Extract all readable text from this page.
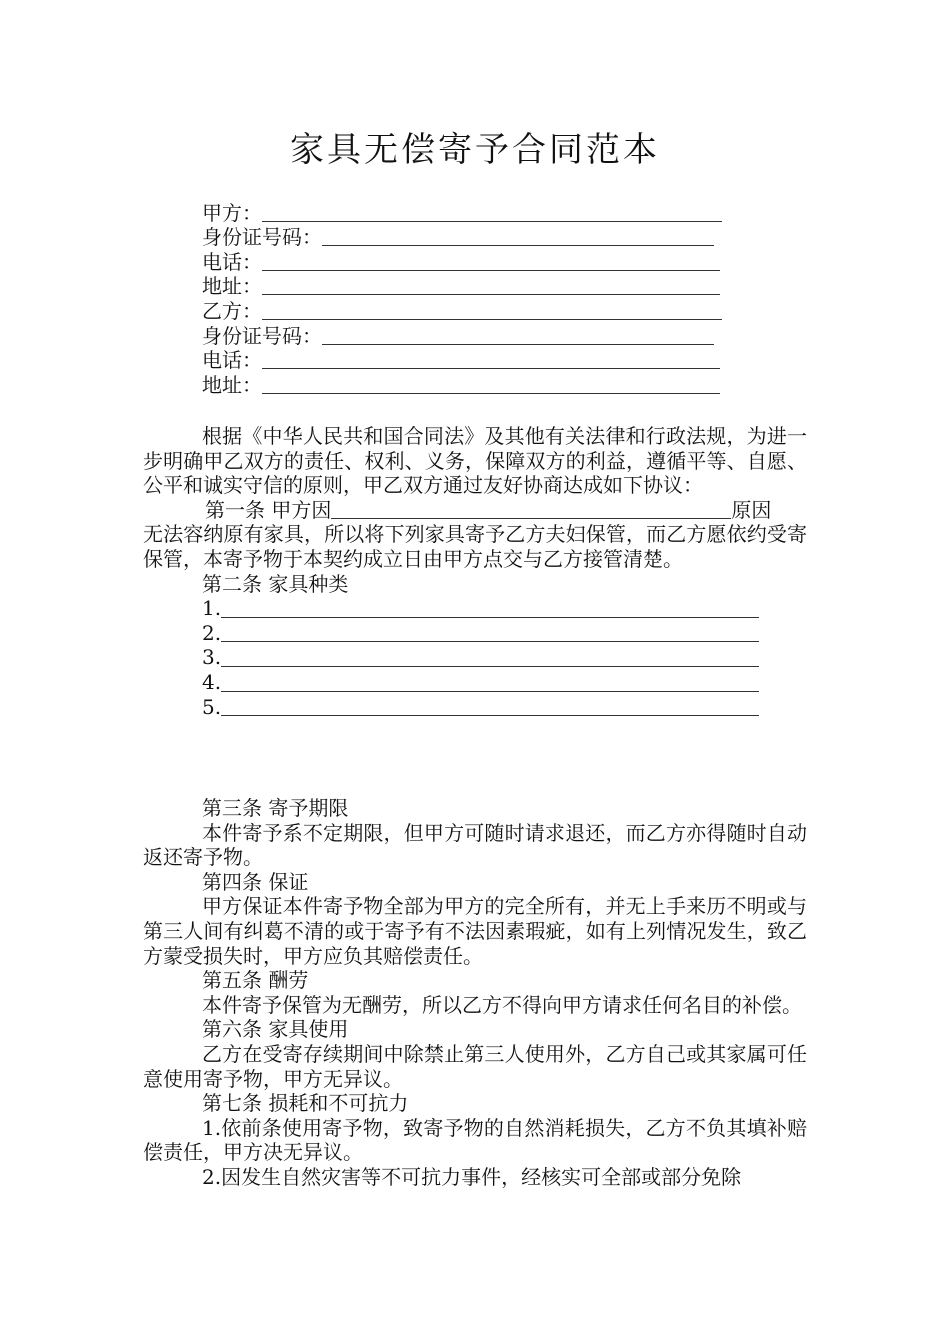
家具无偿寄予合同范本
甲方：
身份证号码：
电话：
地址：
乙方：
身份证号码：
电话：
地址：

根据《中华人民共和国合同法》及其他有关法律和行政法规，为进一步明确甲乙双方的责任、权利、义务，保障双方的利益，遵循平等、自愿、公平和诚实守信的原则，甲乙双方通过友好协商达成如下协议：

第一条 甲方因	原因

无法容纳原有家具，所以将下列家具寄予乙方夫妇保管，而乙方愿依约受寄保管，本寄予物于本契约成立日由甲方点交与乙方接管清楚。

第二条 家具种类

1.
2.
3.
4.
5.

第三条 寄予期限

本件寄予系不定期限，但甲方可随时请求退还，而乙方亦得随时自动返还寄予物。

第四条 保证

甲方保证本件寄予物全部为甲方的完全所有，并无上手来历不明或与第三人间有纠葛不清的或于寄予有不法因素瑕疵，如有上列情况发生，致乙方蒙受损失时，甲方应负其赔偿责任。

第五条 酬劳

本件寄予保管为无酬劳，所以乙方不得向甲方请求任何名目的补偿。

第六条 家具使用

乙方在受寄存续期间中除禁止第三人使用外，乙方自己或其家属可任意使用寄予物，甲方无异议。

第七条 损耗和不可抗力

1.依前条使用寄予物，致寄予物的自然消耗损失，乙方不负其填补赔偿责任，甲方决无异议。

2.因发生自然灾害等不可抗力事件，经核实可全部或部分免除
